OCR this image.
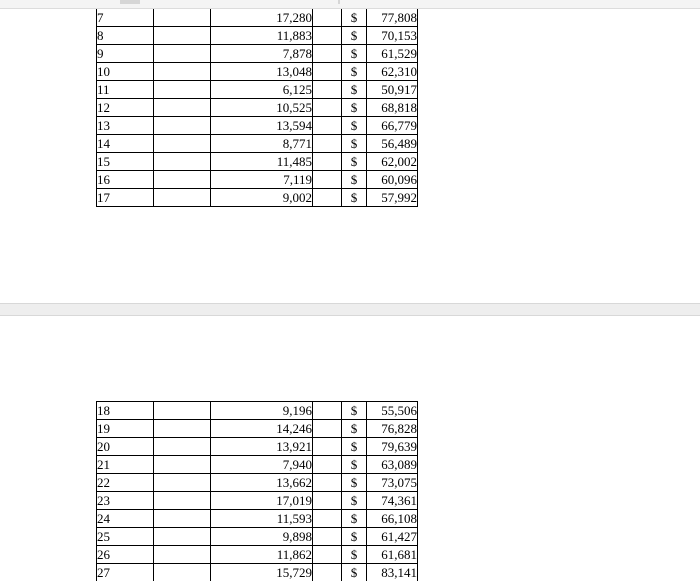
7		17,280		$	77,808
8		11,883		$	70,153
9		7,878		$	61,529
10		13,048		$	62,310
11		6,125		$	50,917
12		10,525		$	68,818
13		13,594		$	66,779
14		8,771		$	56,489
15		11,485		$	62,002
16		7,119		$	60,096
17		9,002		$	57,992
18		9,196		$	55,506
19		14,246		$	76,828
20		13,921		$	79,639
21		7,940		$	63,089
22		13,662		$	73,075
23		17,019		$	74,361
24		11,593		$	66,108
25		9,898		$	61,427
26		11,862		$	61,681
27		15,729		$	83,141
